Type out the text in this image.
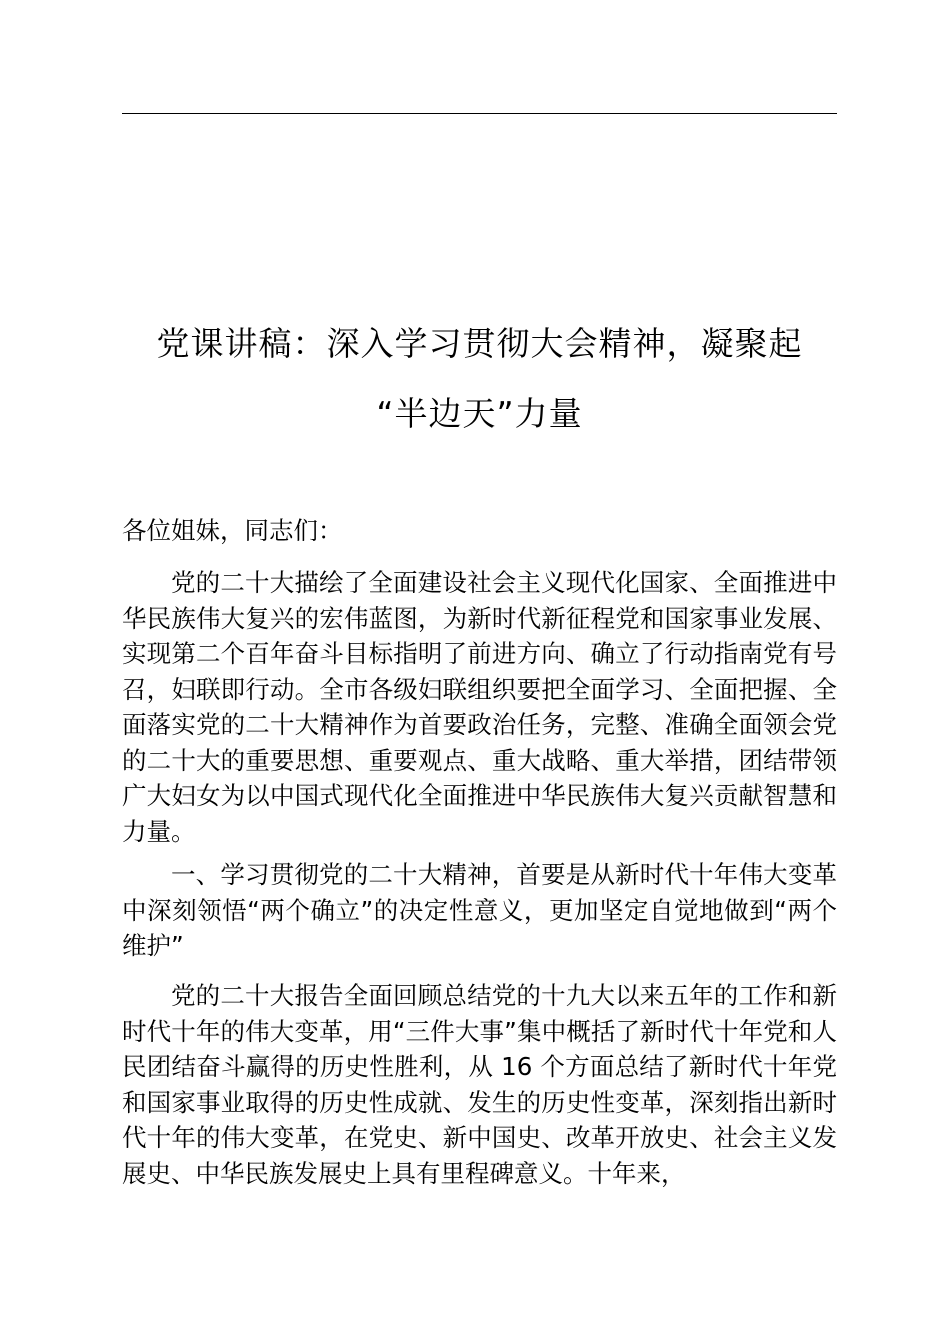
党课讲稿：深入学习贯彻大会精神，凝聚起
“半边天”力量
各位姐妹，同志们：
党的二十大描绘了全面建设社会主义现代化国家、全面推进中华民族伟大复兴的宏伟蓝图，为新时代新征程党和国家事业发展、实现第二个百年奋斗目标指明了前进方向、确立了行动指南党有号召，妇联即行动。全市各级妇联组织要把全面学习、全面把握、全面落实党的二十大精神作为首要政治任务，完整、准确全面领会党的二十大的重要思想、重要观点、重大战略、重大举措，团结带领广大妇女为以中国式现代化全面推进中华民族伟大复兴贡献智慧和力量。
一、学习贯彻党的二十大精神，首要是从新时代十年伟大变革中深刻领悟“两个确立”的决定性意义，更加坚定自觉地做到“两个维护”
党的二十大报告全面回顾总结党的十九大以来五年的工作和新时代十年的伟大变革，用“三件大事”集中概括了新时代十年党和人民团结奋斗赢得的历史性胜利，从 16 个方面总结了新时代十年党和国家事业取得的历史性成就、发生的历史性变革，深刻指出新时代十年的伟大变革，在党史、新中国史、改革开放史、社会主义发展史、中华民族发展史上具有里程碑意义。十年来，
